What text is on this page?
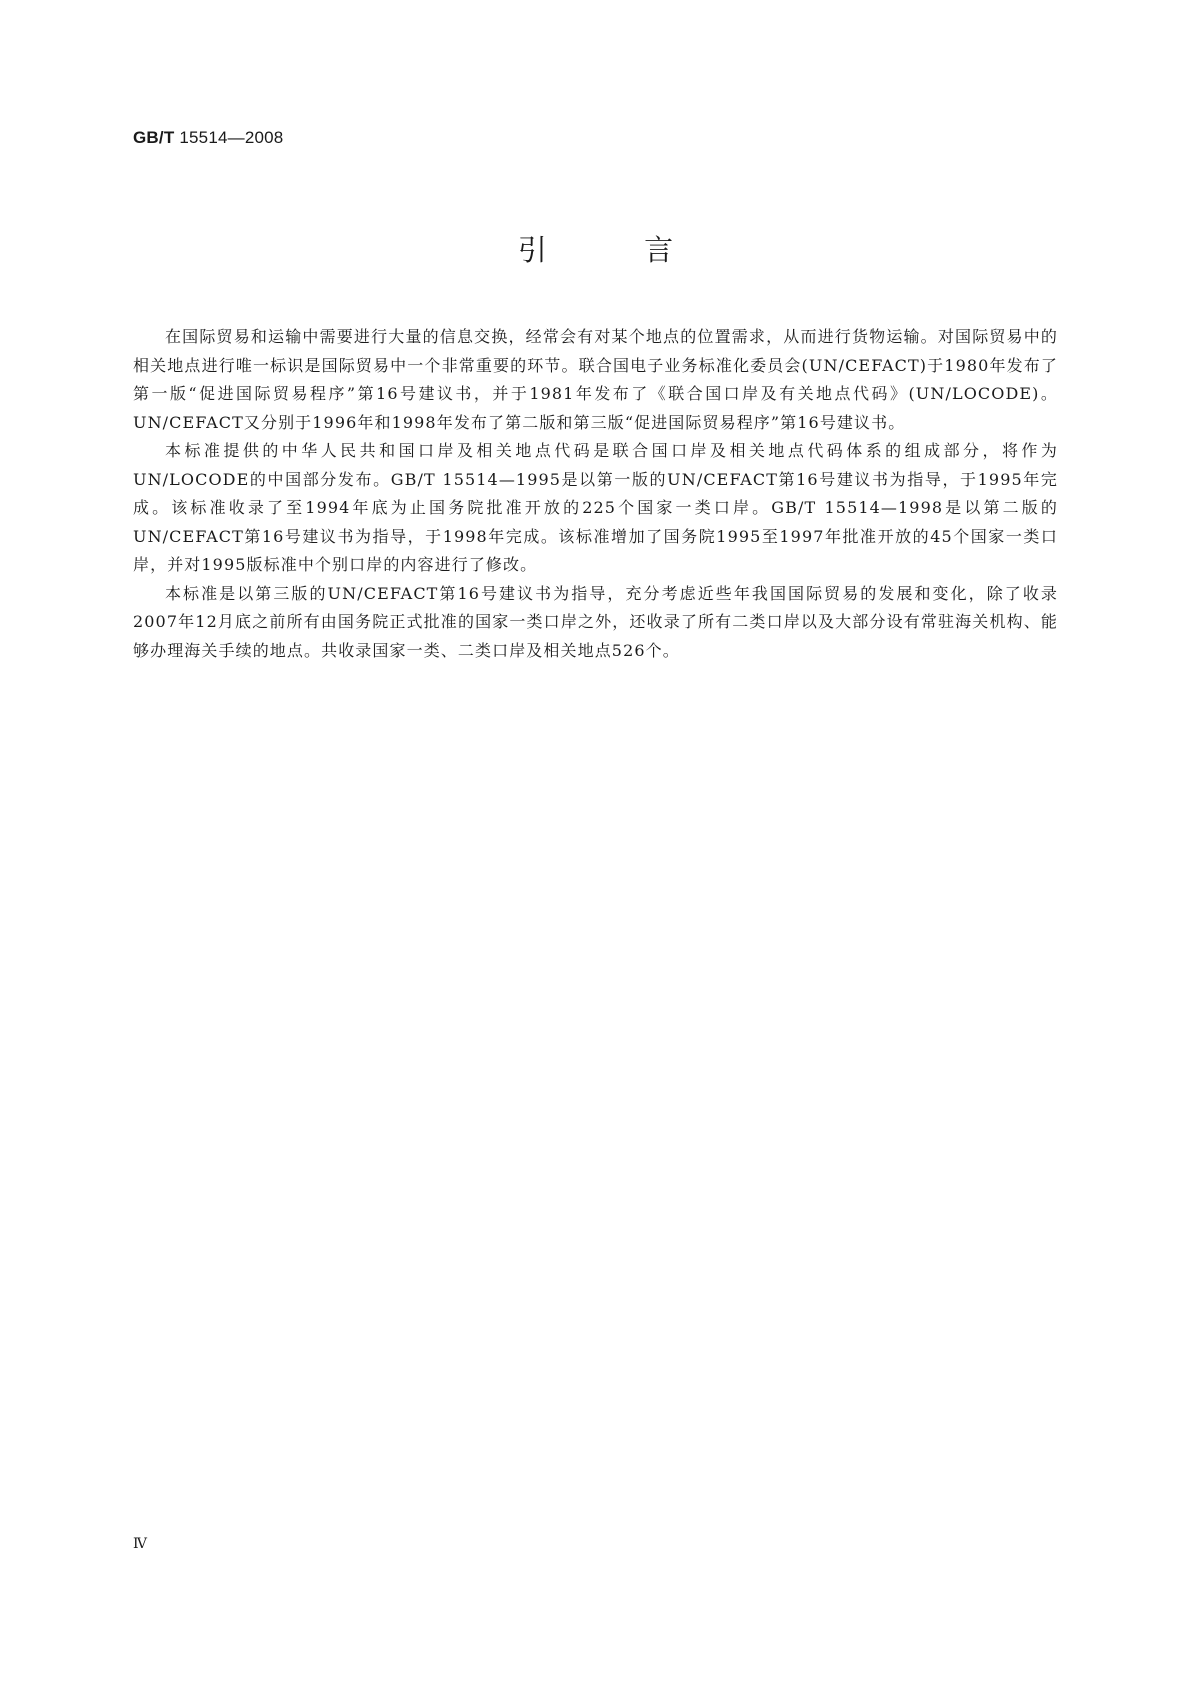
GB/T 15514—2008
引 言

在国际贸易和运输中需要进行大量的信息交换，经常会有对某个地点的位置需求，从而进行货物运输。对国际贸易中的相关地点进行唯一标识是国际贸易中一个非常重要的环节。联合国电子业务标准化委员会(UN/CEFACT)于1980年发布了第一版“促进国际贸易程序”第16号建议书，并于1981年发布了《联合国口岸及有关地点代码》(UN/LOCODE)。UN/CEFACT又分别于1996年和1998年发布了第二版和第三版“促进国际贸易程序”第16号建议书。

本标准提供的中华人民共和国口岸及相关地点代码是联合国口岸及相关地点代码体系的组成部分，将作为UN/LOCODE的中国部分发布。GB/T 15514—1995是以第一版的UN/CEFACT第16号建议书为指导，于1995年完成。该标准收录了至1994年底为止国务院批准开放的225个国家一类口岸。GB/T 15514—1998是以第二版的UN/CEFACT第16号建议书为指导，于1998年完成。该标准增加了国务院1995至1997年批准开放的45个国家一类口岸，并对1995版标准中个别口岸的内容进行了修改。

本标准是以第三版的UN/CEFACT第16号建议书为指导，充分考虑近些年我国国际贸易的发展和变化，除了收录2007年12月底之前所有由国务院正式批准的国家一类口岸之外，还收录了所有二类口岸以及大部分设有常驻海关机构、能够办理海关手续的地点。共收录国家一类、二类口岸及相关地点526个。

Ⅳ
